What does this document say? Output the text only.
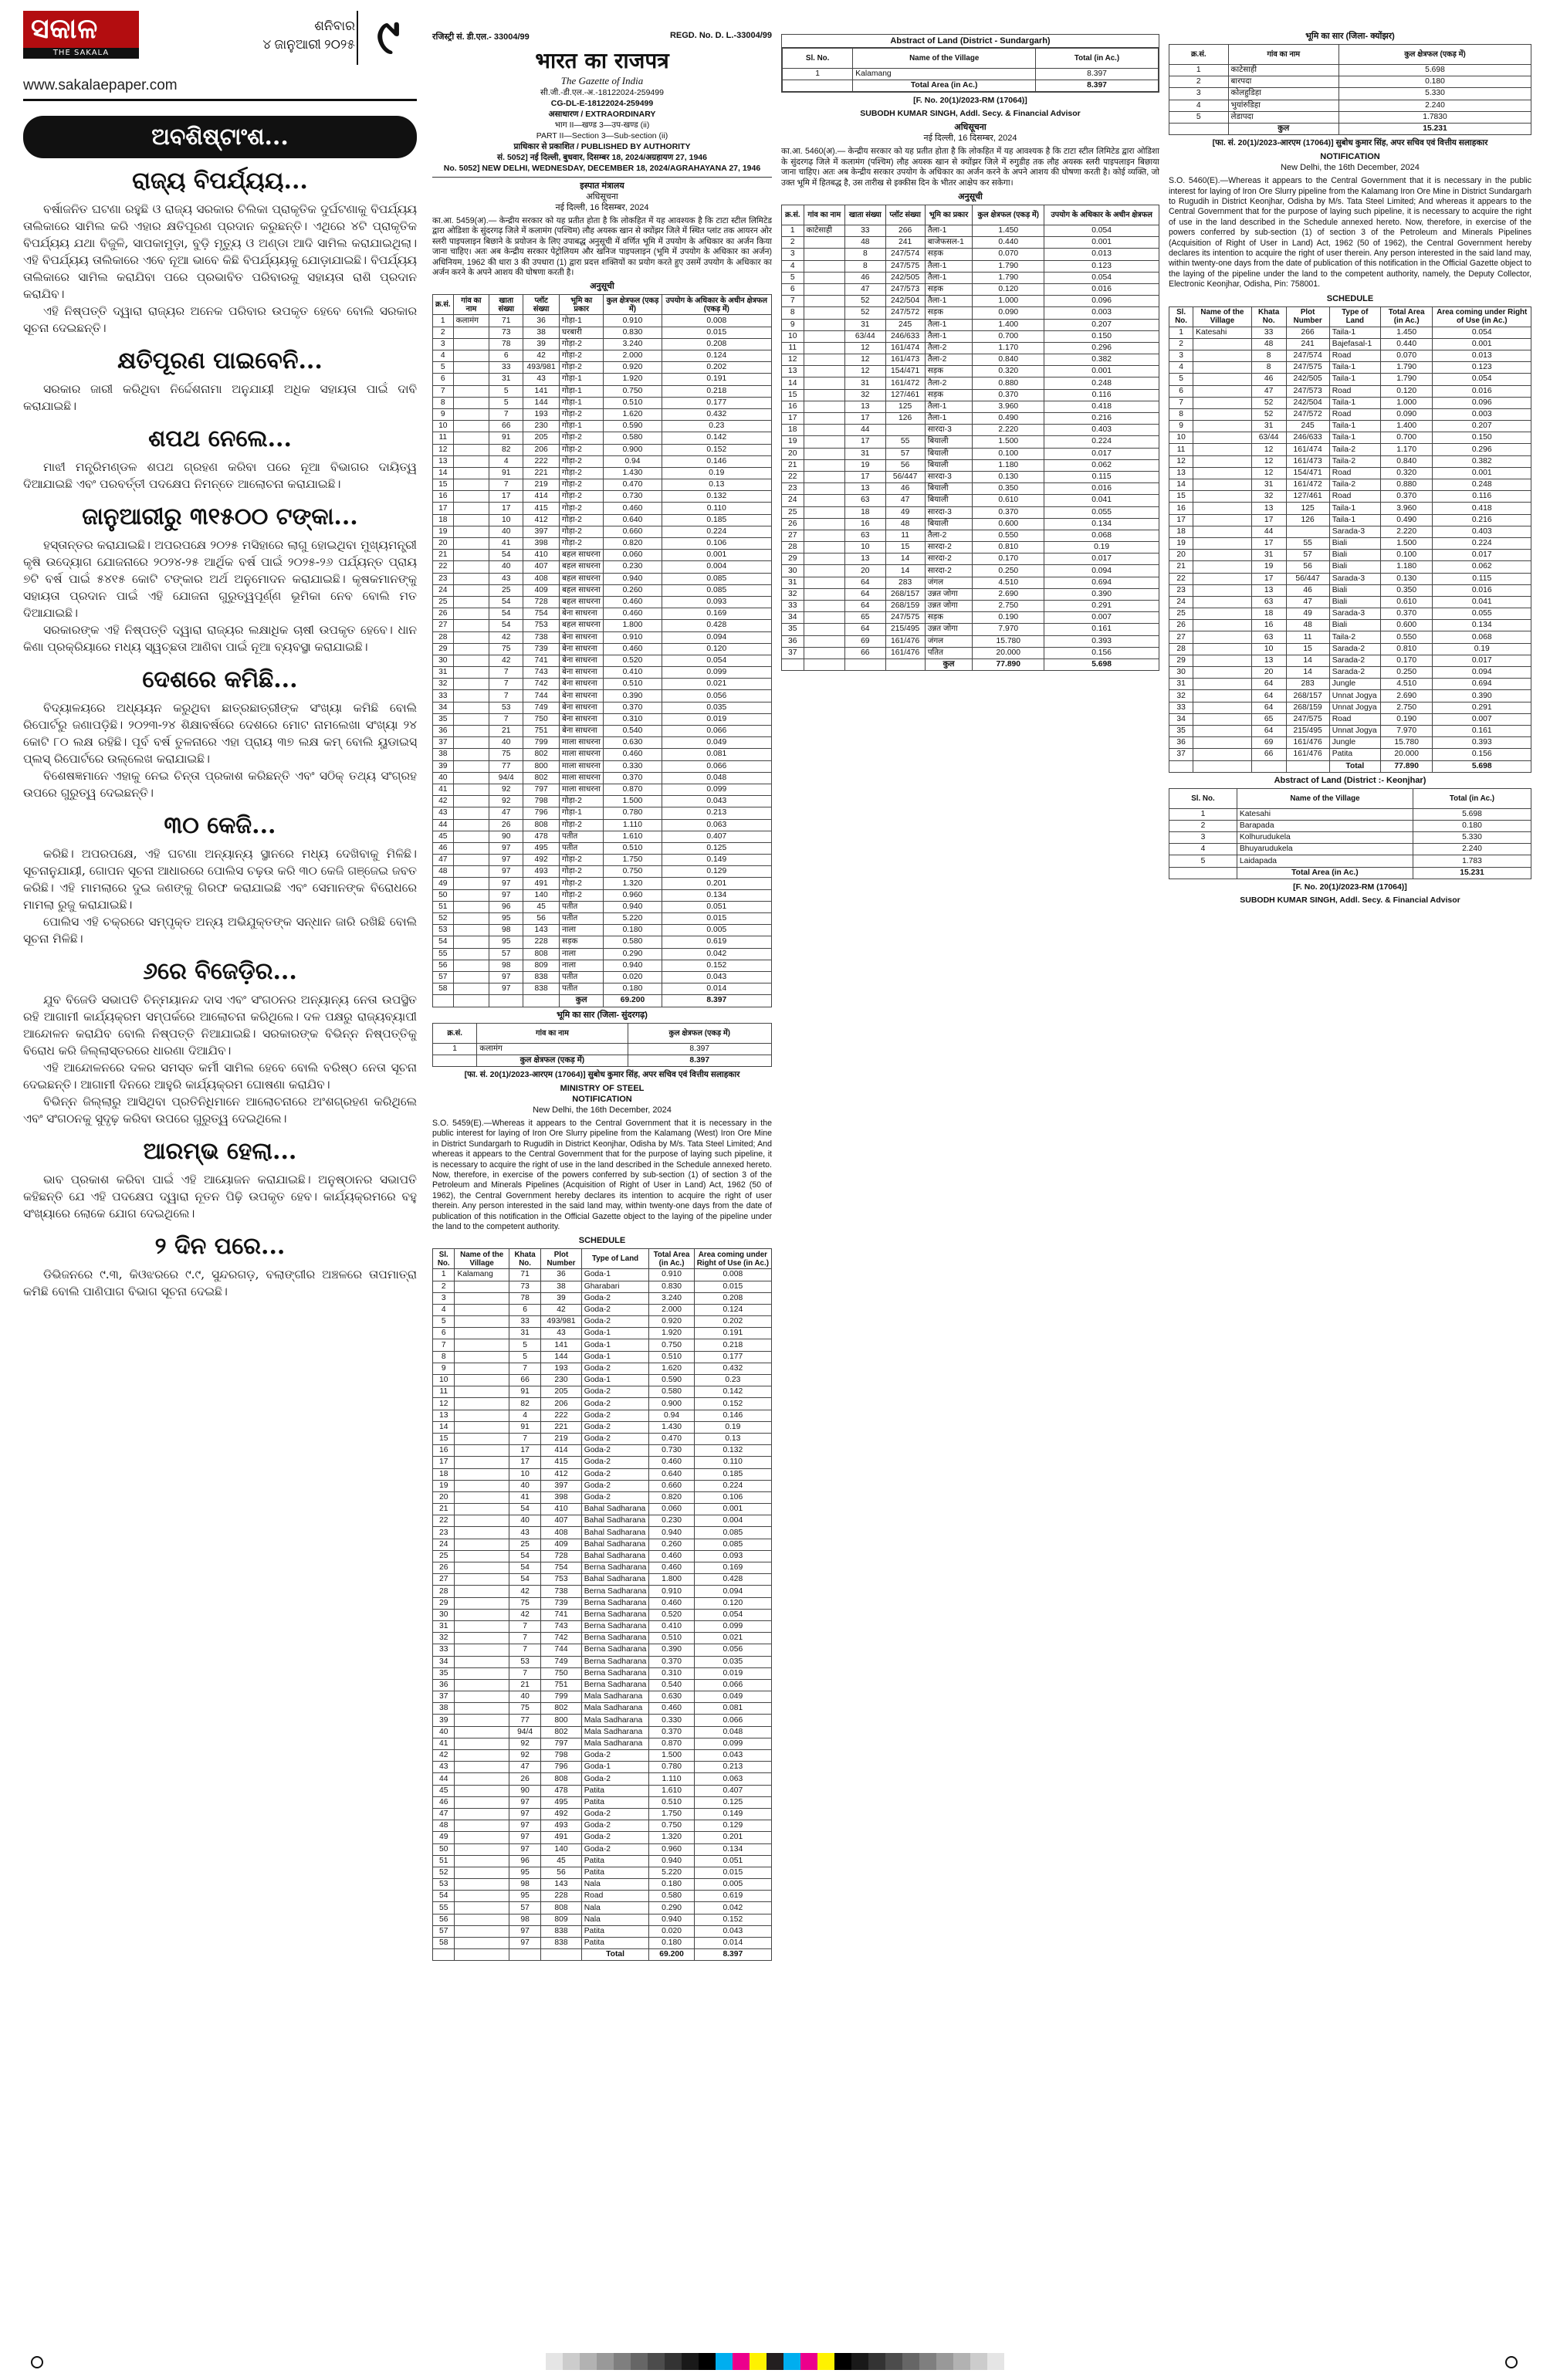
ସକାଳ
THE SAKALA
ଶନିବାର
୪ ଜାନୁଆରୀ ୨୦୨୫ ୯
www.sakalaepaper.com
ଅବଶିଷ୍ଟାଂଶ...
ରାଜ୍ୟ ବିପର୍ଯ୍ୟୟ...

ବର୍ଷାଜନିତ ଘଟଣା ରହୁଛି ଓ ରାଜ୍ୟ ସରକାର ଚିଲିକା ପ୍ରାକୃତିକ ଦୁର୍ଘଟଣାକୁ ବିପର୍ଯ୍ୟୟ ତାଲିକାରେ ସାମିଲ କରି ଏହାର କ୍ଷତିପୂରଣ ପ୍ରଦାନ କରୁଛନ୍ତି। ଏଥିରେ ୪ଟି ପ୍ରାକୃତିକ ବିପର୍ଯ୍ୟୟ ଯଥା ବିଜୁଳି, ସାପକାମୁଡ଼ା, ବୁଡ଼ି ମୃତ୍ୟୁ ଓ ଅଣ୍ଡା ଆଦି ସାମିଲ କରାଯାଇଥିଲା। ଏହି ବିପର୍ଯ୍ୟୟ ତାଲିକାରେ ଏବେ ନୂଆ ଭାବେ କିଛି ବିପର୍ଯ୍ୟୟକୁ ଯୋଡ଼ାଯାଇଛି। ବିପର୍ଯ୍ୟୟ ତାଲିକାରେ ସାମିଲ କରାଯିବା ପରେ ପ୍ରଭାବିତ ପରିବାରକୁ ସହାୟତା ରାଶି ପ୍ରଦାନ କରାଯିବ।

ଏହି ନିଷ୍ପତ୍ତି ଦ୍ୱାରା ରାଜ୍ୟର ଅନେକ ପରିବାର ଉପକୃତ ହେବେ ବୋଲି ସରକାର ସୂଚନା ଦେଇଛନ୍ତି।

କ୍ଷତିପୂରଣ ପାଇବେନି...

ସରକାର ଜାରୀ କରିଥିବା ନିର୍ଦ୍ଦେଶନାମା ଅନୁଯାୟୀ ଅଧିକ ସହାୟତା ପାଇଁ ଦାବି କରାଯାଇଛି।

ଶପଥ ନେଲେ...

ମାଝୀ ମନ୍ତ୍ରିମଣ୍ଡଳ ଶପଥ ଗ୍ରହଣ କରିବା ପରେ ନୂଆ ବିଭାଗର ଦାୟିତ୍ୱ ଦିଆଯାଇଛି ଏବଂ ପରବର୍ତ୍ତୀ ପଦକ୍ଷେପ ନିମନ୍ତେ ଆଲୋଚନା କରାଯାଇଛି।

ଜାନୁଆରୀରୁ ୩୧୫୦୦ ଟଙ୍କା...

ହସ୍ତାନ୍ତର କରାଯାଇଛି। ଅପରପକ୍ଷେ ୨୦୨୫ ମସିହାରେ ଲାଗୁ ହୋଇଥିବା ମୁଖ୍ୟମନ୍ତ୍ରୀ କୃଷି ଉଦ୍ୟୋଗ ଯୋଜନାରେ ୨୦୨୪-୨୫ ଆର୍ଥିକ ବର୍ଷ ପାଇଁ ୨୦୨୫-୨୬ ପର୍ଯ୍ୟନ୍ତ ପ୍ରାୟ ୭ଟି ବର୍ଷ ପାଇଁ ୫୪୧୫ କୋଟି ଟଙ୍କାର ଅର୍ଥ ଅନୁମୋଦନ କରାଯାଇଛି। କୃଷକମାନଙ୍କୁ ସହାୟତା ପ୍ରଦାନ ପାଇଁ ଏହି ଯୋଜନା ଗୁରୁତ୍ୱପୂର୍ଣ୍ଣ ଭୂମିକା ନେବ ବୋଲି ମତ ଦିଆଯାଇଛି।

ସରକାରଙ୍କ ଏହି ନିଷ୍ପତ୍ତି ଦ୍ୱାରା ରାଜ୍ୟର ଲକ୍ଷାଧିକ ଚାଷୀ ଉପକୃତ ହେବେ। ଧାନ କିଣା ପ୍ରକ୍ରିୟାରେ ମଧ୍ୟ ସ୍ୱଚ୍ଛତା ଆଣିବା ପାଇଁ ନୂଆ ବ୍ୟବସ୍ଥା କରାଯାଇଛି।

ଦେଶରେ କମିଛି...

ବିଦ୍ୟାଳୟରେ ଅଧ୍ୟୟନ କରୁଥିବା ଛାତ୍ରଛାତ୍ରୀଙ୍କ ସଂଖ୍ୟା କମିଛି ବୋଲି ରିପୋର୍ଟରୁ ଜଣାପଡ଼ିଛି। ୨୦୨୩-୨୪ ଶିକ୍ଷାବର୍ଷରେ ଦେଶରେ ମୋଟ ନାମଲେଖା ସଂଖ୍ୟା ୨୪ କୋଟି ୮୦ ଲକ୍ଷ ରହିଛି। ପୂର୍ବ ବର୍ଷ ତୁଳନାରେ ଏହା ପ୍ରାୟ ୩୭ ଲକ୍ଷ କମ୍ ବୋଲି ୟୁଡାଇସ୍ ପ୍ଲସ୍ ରିପୋର୍ଟରେ ଉଲ୍ଲେଖ କରାଯାଇଛି।

ବିଶେଷଜ୍ଞମାନେ ଏହାକୁ ନେଇ ଚିନ୍ତା ପ୍ରକାଶ କରିଛନ୍ତି ଏବଂ ସଠିକ୍ ତଥ୍ୟ ସଂଗ୍ରହ ଉପରେ ଗୁରୁତ୍ୱ ଦେଇଛନ୍ତି।

୩୦ କେଜି...

କରିଛି। ଅପରପକ୍ଷେ, ଏହି ଘଟଣା ଅନ୍ୟାନ୍ୟ ସ୍ଥାନରେ ମଧ୍ୟ ଦେଖିବାକୁ ମିଳିଛି। ସୂଚନାନୁଯାୟୀ, ଗୋପନ ସୂଚନା ଆଧାରରେ ପୋଲିସ ଚଢ଼ଉ କରି ୩୦ କେଜି ଗଞ୍ଜେଇ ଜବତ କରିଛି। ଏହି ମାମଲାରେ ଦୁଇ ଜଣଙ୍କୁ ଗିରଫ କରାଯାଇଛି ଏବଂ ସେମାନଙ୍କ ବିରୋଧରେ ମାମଲା ରୁଜୁ କରାଯାଇଛି।

ପୋଲିସ ଏହି ଚକ୍ରରେ ସମ୍ପୃକ୍ତ ଅନ୍ୟ ଅଭିଯୁକ୍ତଙ୍କ ସନ୍ଧାନ ଜାରି ରଖିଛି ବୋଲି ସୂଚନା ମିଳିଛି।

୬ରେ ବିଜେଡ଼ିର...

ଯୁବ ବିଜେଡି ସଭାପତି ଚିନ୍ମୟାନନ୍ଦ ଦାସ ଏବଂ ସଂଗଠନର ଅନ୍ୟାନ୍ୟ ନେତା ଉପସ୍ଥିତ ରହି ଆଗାମୀ କାର୍ଯ୍ୟକ୍ରମ ସମ୍ପର୍କରେ ଆଲୋଚନା କରିଥିଲେ। ଦଳ ପକ୍ଷରୁ ରାଜ୍ୟବ୍ୟାପୀ ଆନ୍ଦୋଳନ କରାଯିବ ବୋଲି ନିଷ୍ପତ୍ତି ନିଆଯାଇଛି। ସରକାରଙ୍କ ବିଭିନ୍ନ ନିଷ୍ପତ୍ତିକୁ ବିରୋଧ କରି ଜିଲ୍ଲାସ୍ତରରେ ଧାରଣା ଦିଆଯିବ।

ଏହି ଆନ୍ଦୋଳନରେ ଦଳର ସମସ୍ତ କର୍ମୀ ସାମିଲ ହେବେ ବୋଲି ବରିଷ୍ଠ ନେତା ସୂଚନା ଦେଇଛନ୍ତି। ଆଗାମୀ ଦିନରେ ଆହୁରି କାର୍ଯ୍ୟକ୍ରମ ଘୋଷଣା କରାଯିବ।

ବିଭିନ୍ନ ଜିଲ୍ଲାରୁ ଆସିଥିବା ପ୍ରତିନିଧିମାନେ ଆଲୋଚନାରେ ଅଂଶଗ୍ରହଣ କରିଥିଲେ ଏବଂ ସଂଗଠନକୁ ସୁଦୃଢ଼ କରିବା ଉପରେ ଗୁରୁତ୍ୱ ଦେଇଥିଲେ।

ଆରମ୍ଭ ହେଲା...

ଭାବ ପ୍ରକାଶ କରିବା ପାଇଁ ଏହି ଆୟୋଜନ କରାଯାଇଛି। ଅନୁଷ୍ଠାନର ସଭାପତି କହିଛନ୍ତି ଯେ ଏହି ପଦକ୍ଷେପ ଦ୍ୱାରା ନୂତନ ପିଢ଼ି ଉପକୃତ ହେବ। କାର୍ଯ୍ୟକ୍ରମରେ ବହୁ ସଂଖ୍ୟାରେ ଲୋକେ ଯୋଗ ଦେଇଥିଲେ।

୨ ଦିନ ପରେ...

ଡିଭିଜନରେ ୯.୩, କିଓଝରରେ ୯.୯, ସୁନ୍ଦରଗଡ଼, ବଲାଙ୍ଗୀର ଅଞ୍ଚଳରେ ତାପମାତ୍ରା କମିଛି ବୋଲି ପାଣିପାଗ ବିଭାଗ ସୂଚନା ଦେଇଛି।

रजिस्ट्री सं. डी.एल.- 33004/99	REGD. No. D. L.-33004/99
भारत का राजपत्र
The Gazette of India
सी.जी.-डी.एल.-अ.-18122024-259499
CG-DL-E-18122024-259499
असाधारण / EXTRAORDINARY
भाग II—खण्ड 3—उप-खण्ड (ii)
PART II—Section 3—Sub-section (ii)
प्राधिकार से प्रकाशित / PUBLISHED BY AUTHORITY
सं. 5052] नई दिल्ली, बुधवार, दिसम्बर 18, 2024/अग्रहायण 27, 1946
No. 5052] NEW DELHI, WEDNESDAY, DECEMBER 18, 2024/AGRAHAYANA 27, 1946
इस्पात मंत्रालय
अधिसूचना
नई दिल्ली, 16 दिसम्बर, 2024
का.आ. 5459(अ).— केन्द्रीय सरकार को यह प्रतीत होता है कि लोकहित में यह आवश्यक है कि टाटा स्टील लिमिटेड द्वारा ओडिशा के सुंदरगढ़ जिले में कलामंग (पश्चिम) लौह अयस्क खान से क्योंझर जिले में स्थित प्लांट तक आयरन ओर स्लरी पाइपलाइन बिछाने के प्रयोजन के लिए उपाबद्ध अनुसूची में वर्णित भूमि में उपयोग के अधिकार का अर्जन किया जाना चाहिए। अतः अब केन्द्रीय सरकार पेट्रोलियम और खनिज पाइपलाइन (भूमि में उपयोग के अधिकार का अर्जन) अधिनियम, 1962 की धारा 3 की उपधारा (1) द्वारा प्रदत्त शक्तियों का प्रयोग करते हुए उसमें उपयोग के अधिकार का अर्जन करने के अपने आशय की घोषणा करती है।
अनुसूची
क्र.सं.	गांव का नाम	खाता संख्या	प्लॉट संख्या	भूमि का प्रकार	कुल क्षेत्रफल (एकड़ में)	उपयोग के अधिकार के अधीन क्षेत्रफल (एकड़ में)
1	कलामंग	71	36	गोड़ा-1	0.910	0.008
2		73	38	घरबारी	0.830	0.015
3		78	39	गोड़ा-2	3.240	0.208
4		6	42	गोड़ा-2	2.000	0.124
5		33	493/981	गोड़ा-2	0.920	0.202
6		31	43	गोड़ा-1	1.920	0.191
7		5	141	गोड़ा-1	0.750	0.218
8		5	144	गोड़ा-1	0.510	0.177
9		7	193	गोड़ा-2	1.620	0.432
10		66	230	गोड़ा-1	0.590	0.23
11		91	205	गोड़ा-2	0.580	0.142
12		82	206	गोड़ा-2	0.900	0.152
13		4	222	गोड़ा-2	0.94	0.146
14		91	221	गोड़ा-2	1.430	0.19
15		7	219	गोड़ा-2	0.470	0.13
16		17	414	गोड़ा-2	0.730	0.132
17		17	415	गोड़ा-2	0.460	0.110
18		10	412	गोड़ा-2	0.640	0.185
19		40	397	गोड़ा-2	0.660	0.224
20		41	398	गोड़ा-2	0.820	0.106
21		54	410	बहल साधरना	0.060	0.001
22		40	407	बहल साधरना	0.230	0.004
23		43	408	बहल साधरना	0.940	0.085
24		25	409	बहल साधरना	0.260	0.085
25		54	728	बहल साधरना	0.460	0.093
26		54	754	बेना साधरना	0.460	0.169
27		54	753	बहल साधरना	1.800	0.428
28		42	738	बेना साधरना	0.910	0.094
29		75	739	बेना साधरना	0.460	0.120
30		42	741	बेना साधरना	0.520	0.054
31		7	743	बेना साधरना	0.410	0.099
32		7	742	बेना साधरना	0.510	0.021
33		7	744	बेना साधरना	0.390	0.056
34		53	749	बेना साधरना	0.370	0.035
35		7	750	बेना साधरना	0.310	0.019
36		21	751	बेना साधरना	0.540	0.066
37		40	799	माला साधरना	0.630	0.049
38		75	802	माला साधरना	0.460	0.081
39		77	800	माला साधरना	0.330	0.066
40		94/4	802	माला साधरना	0.370	0.048
41		92	797	माला साधरना	0.870	0.099
42		92	798	गोड़ा-2	1.500	0.043
43		47	796	गोड़ा-1	0.780	0.213
44		26	808	गोड़ा-2	1.110	0.063
45		90	478	पतीत	1.610	0.407
46		97	495	पतीत	0.510	0.125
47		97	492	गोड़ा-2	1.750	0.149
48		97	493	गोड़ा-2	0.750	0.129
49		97	491	गोड़ा-2	1.320	0.201
50		97	140	गोड़ा-2	0.960	0.134
51		96	45	पतीत	0.940	0.051
52		95	56	पतीत	5.220	0.015
53		98	143	नाला	0.180	0.005
54		95	228	सड़क	0.580	0.619
55		57	808	नाला	0.290	0.042
56		98	809	नाला	0.940	0.152
57		97	838	पतीत	0.020	0.043
58		97	838	पतीत	0.180	0.014
				कुल	69.200	8.397
भूमि का सार (जिला- सुंदरगढ़)
क्र.सं.	गांव का नाम	कुल क्षेत्रफल (एकड़ में)
1	कलामंग	8.397
	कुल क्षेत्रफल (एकड़ में)	8.397
[फा. सं. 20(1)/2023-आरएम (17064)] सुबोध कुमार सिंह, अपर सचिव एवं वित्तीय सलाहकार
MINISTRY OF STEEL
NOTIFICATION
New Delhi, the 16th December, 2024
S.O. 5459(E).—Whereas it appears to the Central Government that it is necessary in the public interest for laying of Iron Ore Slurry pipeline from the Kalamang (West) Iron Ore Mine in District Sundargarh to Rugudih in District Keonjhar, Odisha by M/s. Tata Steel Limited; And whereas it appears to the Central Government that for the purpose of laying such pipeline, it is necessary to acquire the right of use in the land described in the Schedule annexed hereto. Now, therefore, in exercise of the powers conferred by sub-section (1) of section 3 of the Petroleum and Minerals Pipelines (Acquisition of Right of User in Land) Act, 1962 (50 of 1962), the Central Government hereby declares its intention to acquire the right of user therein. Any person interested in the said land may, within twenty-one days from the date of publication of this notification in the Official Gazette object to the laying of the pipeline under the land to the competent authority.
SCHEDULE
Sl. No.	Name of the Village	Khata No.	Plot Number	Type of Land	Total Area (in Ac.)	Area coming under Right of Use (in Ac.)
1	Kalamang	71	36	Goda-1	0.910	0.008
2		73	38	Gharabari	0.830	0.015
3		78	39	Goda-2	3.240	0.208
4		6	42	Goda-2	2.000	0.124
5		33	493/981	Goda-2	0.920	0.202
6		31	43	Goda-1	1.920	0.191
7		5	141	Goda-1	0.750	0.218
8		5	144	Goda-1	0.510	0.177
9		7	193	Goda-2	1.620	0.432
10		66	230	Goda-1	0.590	0.23
11		91	205	Goda-2	0.580	0.142
12		82	206	Goda-2	0.900	0.152
13		4	222	Goda-2	0.94	0.146
14		91	221	Goda-2	1.430	0.19
15		7	219	Goda-2	0.470	0.13
16		17	414	Goda-2	0.730	0.132
17		17	415	Goda-2	0.460	0.110
18		10	412	Goda-2	0.640	0.185
19		40	397	Goda-2	0.660	0.224
20		41	398	Goda-2	0.820	0.106
21		54	410	Bahal Sadharana	0.060	0.001
22		40	407	Bahal Sadharana	0.230	0.004
23		43	408	Bahal Sadharana	0.940	0.085
24		25	409	Bahal Sadharana	0.260	0.085
25		54	728	Bahal Sadharana	0.460	0.093
26		54	754	Berna Sadharana	0.460	0.169
27		54	753	Bahal Sadharana	1.800	0.428
28		42	738	Berna Sadharana	0.910	0.094
29		75	739	Berna Sadharana	0.460	0.120
30		42	741	Berna Sadharana	0.520	0.054
31		7	743	Berna Sadharana	0.410	0.099
32		7	742	Berna Sadharana	0.510	0.021
33		7	744	Berna Sadharana	0.390	0.056
34		53	749	Berna Sadharana	0.370	0.035
35		7	750	Berna Sadharana	0.310	0.019
36		21	751	Berna Sadharana	0.540	0.066
37		40	799	Mala Sadharana	0.630	0.049
38		75	802	Mala Sadharana	0.460	0.081
39		77	800	Mala Sadharana	0.330	0.066
40		94/4	802	Mala Sadharana	0.370	0.048
41		92	797	Mala Sadharana	0.870	0.099
42		92	798	Goda-2	1.500	0.043
43		47	796	Goda-1	0.780	0.213
44		26	808	Goda-2	1.110	0.063
45		90	478	Patita	1.610	0.407
46		97	495	Patita	0.510	0.125
47		97	492	Goda-2	1.750	0.149
48		97	493	Goda-2	0.750	0.129
49		97	491	Goda-2	1.320	0.201
50		97	140	Goda-2	0.960	0.134
51		96	45	Patita	0.940	0.051
52		95	56	Patita	5.220	0.015
53		98	143	Nala	0.180	0.005
54		95	228	Road	0.580	0.619
55		57	808	Nala	0.290	0.042
56		98	809	Nala	0.940	0.152
57		97	838	Patita	0.020	0.043
58		97	838	Patita	0.180	0.014
				Total	69.200	8.397
Abstract of Land (District - Sundargarh)
Sl. No.	Name of the Village	Total (in Ac.)
1	Kalamang	8.397
	Total Area (in Ac.)	8.397
[F. No. 20(1)/2023-RM (17064)]
SUBODH KUMAR SINGH, Addl. Secy. & Financial Advisor
अधिसूचना
नई दिल्ली, 16 दिसम्बर, 2024
का.आ. 5460(अ).— केन्द्रीय सरकार को यह प्रतीत होता है कि लोकहित में यह आवश्यक है कि टाटा स्टील लिमिटेड द्वारा ओडिशा के सुंदरगढ़ जिले में कलामंग (पश्चिम) लौह अयस्क खान से क्योंझर जिले में रुगुडीह तक लौह अयस्क स्लरी पाइपलाइन बिछाया जाना चाहिए। अतः अब केन्द्रीय सरकार उपयोग के अधिकार का अर्जन करने के अपने आशय की घोषणा करती है। कोई व्यक्ति, जो उक्त भूमि में हितबद्ध है, उस तारीख से इक्कीस दिन के भीतर आक्षेप कर सकेगा।
अनुसूची
क्र.सं.	गांव का नाम	खाता संख्या	प्लॉट संख्या	भूमि का प्रकार	कुल क्षेत्रफल (एकड़ में)	उपयोग के अधिकार के अधीन क्षेत्रफल
1	काटेसाही	33	266	तैला-1	1.450	0.054
2		48	241	बाजेफसल-1	0.440	0.001
3		8	247/574	सड़क	0.070	0.013
4		8	247/575	तैला-1	1.790	0.123
5		46	242/505	तैला-1	1.790	0.054
6		47	247/573	सड़क	0.120	0.016
7		52	242/504	तैला-1	1.000	0.096
8		52	247/572	सड़क	0.090	0.003
9		31	245	तैला-1	1.400	0.207
10		63/44	246/633	तैला-1	0.700	0.150
11		12	161/474	तैला-2	1.170	0.296
12		12	161/473	तैला-2	0.840	0.382
13		12	154/471	सड़क	0.320	0.001
14		31	161/472	तैला-2	0.880	0.248
15		32	127/461	सड़क	0.370	0.116
16		13	125	तैला-1	3.960	0.418
17		17	126	तैला-1	0.490	0.216
18		44		सारदा-3	2.220	0.403
19		17	55	बियाली	1.500	0.224
20		31	57	बियाली	0.100	0.017
21		19	56	बियाली	1.180	0.062
22		17	56/447	सारदा-3	0.130	0.115
23		13	46	बियाली	0.350	0.016
24		63	47	बियाली	0.610	0.041
25		18	49	सारदा-3	0.370	0.055
26		16	48	बियाली	0.600	0.134
27		63	11	तैला-2	0.550	0.068
28		10	15	सारदा-2	0.810	0.19
29		13	14	सारदा-2	0.170	0.017
30		20	14	सारदा-2	0.250	0.094
31		64	283	जंगल	4.510	0.694
32		64	268/157	उन्नत जोगा	2.690	0.390
33		64	268/159	उन्नत जोगा	2.750	0.291
34		65	247/575	सड़क	0.190	0.007
35		64	215/495	उन्नत जोगा	7.970	0.161
36		69	161/476	जंगल	15.780	0.393
37		66	161/476	पतित	20.000	0.156
				कुल	77.890	5.698
भूमि का सार (जिला- क्योंझर)
क्र.सं.	गांव का नाम	कुल क्षेत्रफल (एकड़ में)
1	काटेसाही	5.698
2	बारपदा	0.180
3	कोलहुडिहा	5.330
4	भुयांरुडिहा	2.240
5	लेडापदा	1.7830
	कुल	15.231
[फा. सं. 20(1)/2023-आरएम (17064)] सुबोध कुमार सिंह, अपर सचिव एवं वित्तीय सलाहकार
NOTIFICATION
New Delhi, the 16th December, 2024
S.O. 5460(E).—Whereas it appears to the Central Government that it is necessary in the public interest for laying of Iron Ore Slurry pipeline from the Kalamang Iron Ore Mine in District Sundargarh to Rugudih in District Keonjhar, Odisha by M/s. Tata Steel Limited; And whereas it appears to the Central Government that for the purpose of laying such pipeline, it is necessary to acquire the right of use in the land described in the Schedule annexed hereto. Now, therefore, in exercise of the powers conferred by sub-section (1) of section 3 of the Petroleum and Minerals Pipelines (Acquisition of Right of User in Land) Act, 1962 (50 of 1962), the Central Government hereby declares its intention to acquire the right of user therein. Any person interested in the said land may, within twenty-one days from the date of publication of this notification in the Official Gazette object to the laying of the pipeline under the land to the competent authority, namely, the Deputy Collector, Electronic Keonjhar, Odisha, Pin: 758001.
SCHEDULE
Sl. No.	Name of the Village	Khata No.	Plot Number	Type of Land	Total Area (in Ac.)	Area coming under Right of Use (in Ac.)
1	Katesahi	33	266	Taila-1	1.450	0.054
2		48	241	Bajefasal-1	0.440	0.001
3		8	247/574	Road	0.070	0.013
4		8	247/575	Taila-1	1.790	0.123
5		46	242/505	Taila-1	1.790	0.054
6		47	247/573	Road	0.120	0.016
7		52	242/504	Taila-1	1.000	0.096
8		52	247/572	Road	0.090	0.003
9		31	245	Taila-1	1.400	0.207
10		63/44	246/633	Taila-1	0.700	0.150
11		12	161/474	Taila-2	1.170	0.296
12		12	161/473	Taila-2	0.840	0.382
13		12	154/471	Road	0.320	0.001
14		31	161/472	Taila-2	0.880	0.248
15		32	127/461	Road	0.370	0.116
16		13	125	Taila-1	3.960	0.418
17		17	126	Taila-1	0.490	0.216
18		44		Sarada-3	2.220	0.403
19		17	55	Biali	1.500	0.224
20		31	57	Biali	0.100	0.017
21		19	56	Biali	1.180	0.062
22		17	56/447	Sarada-3	0.130	0.115
23		13	46	Biali	0.350	0.016
24		63	47	Biali	0.610	0.041
25		18	49	Sarada-3	0.370	0.055
26		16	48	Biali	0.600	0.134
27		63	11	Taila-2	0.550	0.068
28		10	15	Sarada-2	0.810	0.19
29		13	14	Sarada-2	0.170	0.017
30		20	14	Sarada-2	0.250	0.094
31		64	283	Jungle	4.510	0.694
32		64	268/157	Unnat Jogya	2.690	0.390
33		64	268/159	Unnat Jogya	2.750	0.291
34		65	247/575	Road	0.190	0.007
35		64	215/495	Unnat Jogya	7.970	0.161
36		69	161/476	Jungle	15.780	0.393
37		66	161/476	Patita	20.000	0.156
				Total	77.890	5.698
Abstract of Land (District :- Keonjhar)
Sl. No.	Name of the Village	Total (in Ac.)
1	Katesahi	5.698
2	Barapada	0.180
3	Kolhurudukela	5.330
4	Bhuyarudukela	2.240
5	Laidapada	1.783
	Total Area (in Ac.)	15.231
[F. No. 20(1)/2023-RM (17064)]
SUBODH KUMAR SINGH, Addl. Secy. & Financial Advisor
